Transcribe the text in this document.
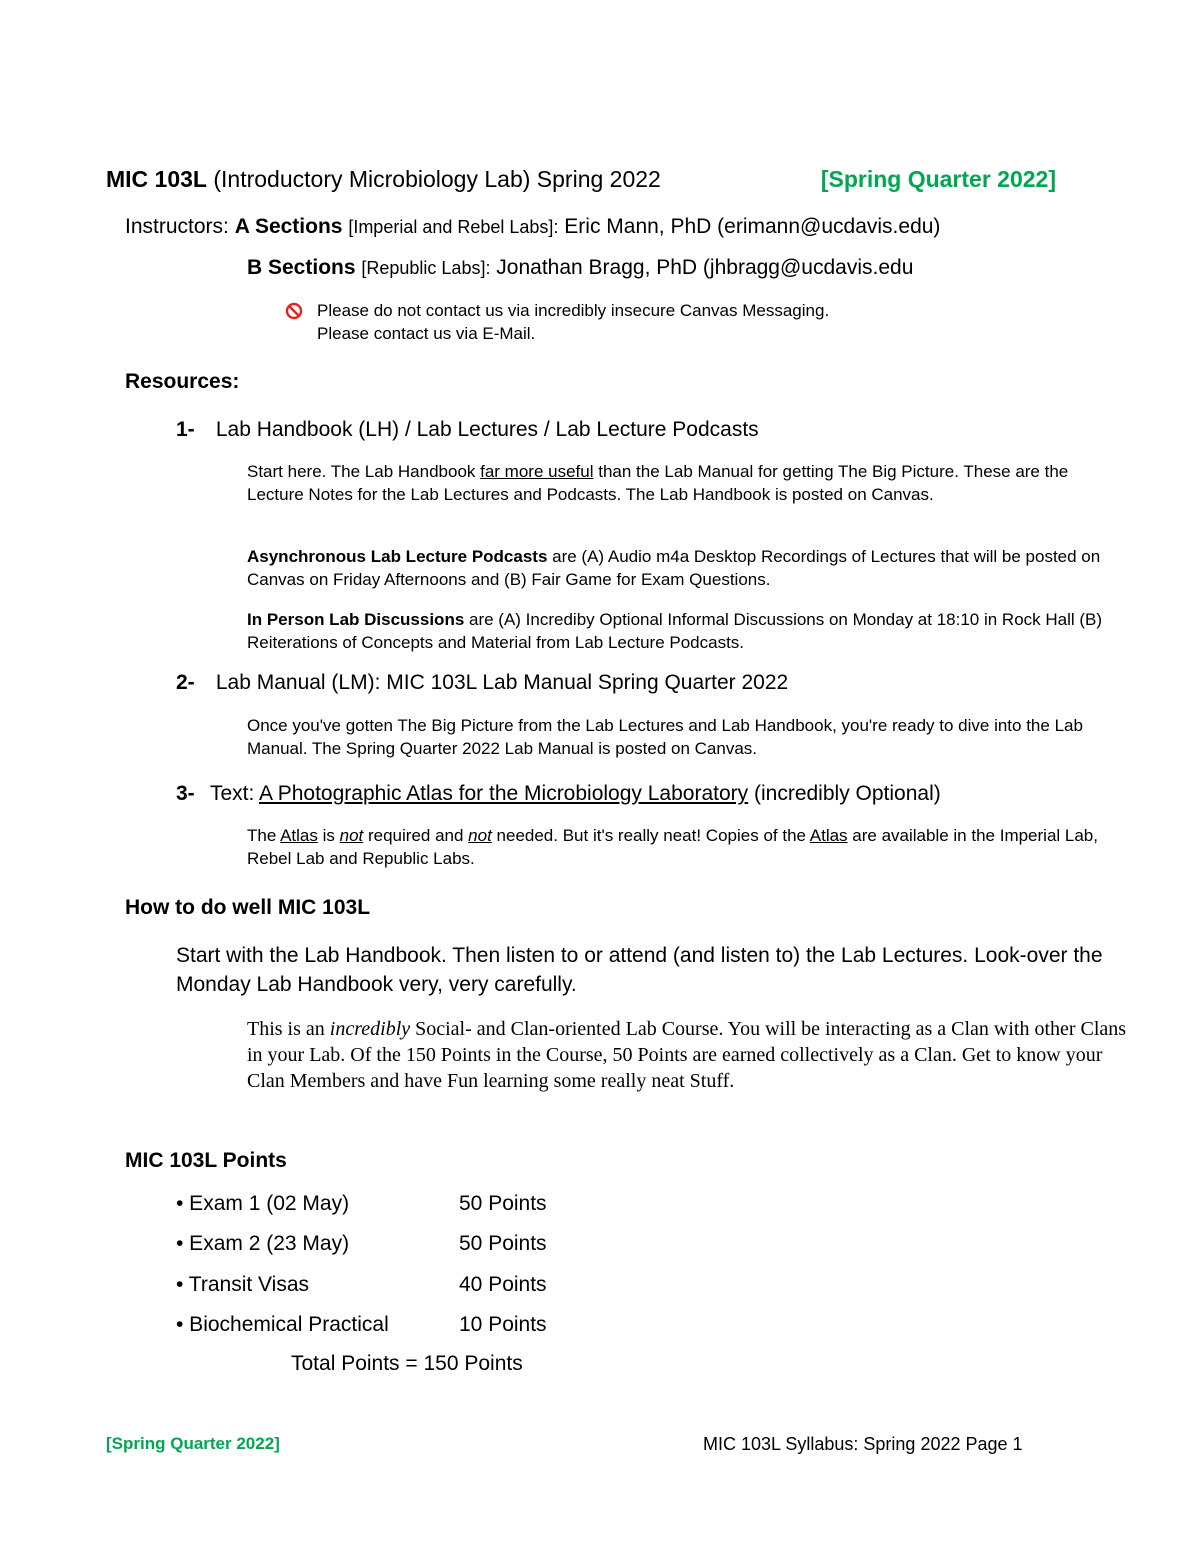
MIC 103L (Introductory Microbiology Lab) Spring 2022	[Spring Quarter 2022]
Instructors: A Sections [Imperial and Rebel Labs]: Eric Mann, PhD (erimann@ucdavis.edu)
B Sections [Republic Labs]: Jonathan Bragg, PhD (jhbragg@ucdavis.edu
Please do not contact us via incredibly insecure Canvas Messaging.
Please contact us via E-Mail.
Resources:
1- Lab Handbook (LH) / Lab Lectures / Lab Lecture Podcasts
Start here. The Lab Handbook far more useful than the Lab Manual for getting The Big Picture. These are the Lecture Notes for the Lab Lectures and Podcasts. The Lab Handbook is posted on Canvas.
Asynchronous Lab Lecture Podcasts are (A) Audio m4a Desktop Recordings of Lectures that will be posted on Canvas on Friday Afternoons and (B) Fair Game for Exam Questions.
In Person Lab Discussions are (A) Incrediby Optional Informal Discussions on Monday at 18:10 in Rock Hall (B) Reiterations of Concepts and Material from Lab Lecture Podcasts.
2- Lab Manual (LM): MIC 103L Lab Manual Spring Quarter 2022
Once you've gotten The Big Picture from the Lab Lectures and Lab Handbook, you're ready to dive into the Lab Manual. The Spring Quarter 2022 Lab Manual is posted on Canvas.
3- Text: A Photographic Atlas for the Microbiology Laboratory (incredibly Optional)
The Atlas is not required and not needed. But it's really neat! Copies of the Atlas are available in the Imperial Lab, Rebel Lab and Republic Labs.
How to do well MIC 103L
Start with the Lab Handbook. Then listen to or attend (and listen to) the Lab Lectures. Look-over the Monday Lab Handbook very, very carefully.
This is an incredibly Social- and Clan-oriented Lab Course. You will be interacting as a Clan with other Clans in your Lab. Of the 150 Points in the Course, 50 Points are earned collectively as a Clan. Get to know your Clan Members and have Fun learning some really neat Stuff.
MIC 103L Points
• Exam 1 (02 May)	50 Points
• Exam 2 (23 May)	50 Points
• Transit Visas	40 Points
• Biochemical Practical	10 Points
Total Points = 150 Points
[Spring Quarter 2022]	MIC 103L Syllabus: Spring 2022 Page 1
